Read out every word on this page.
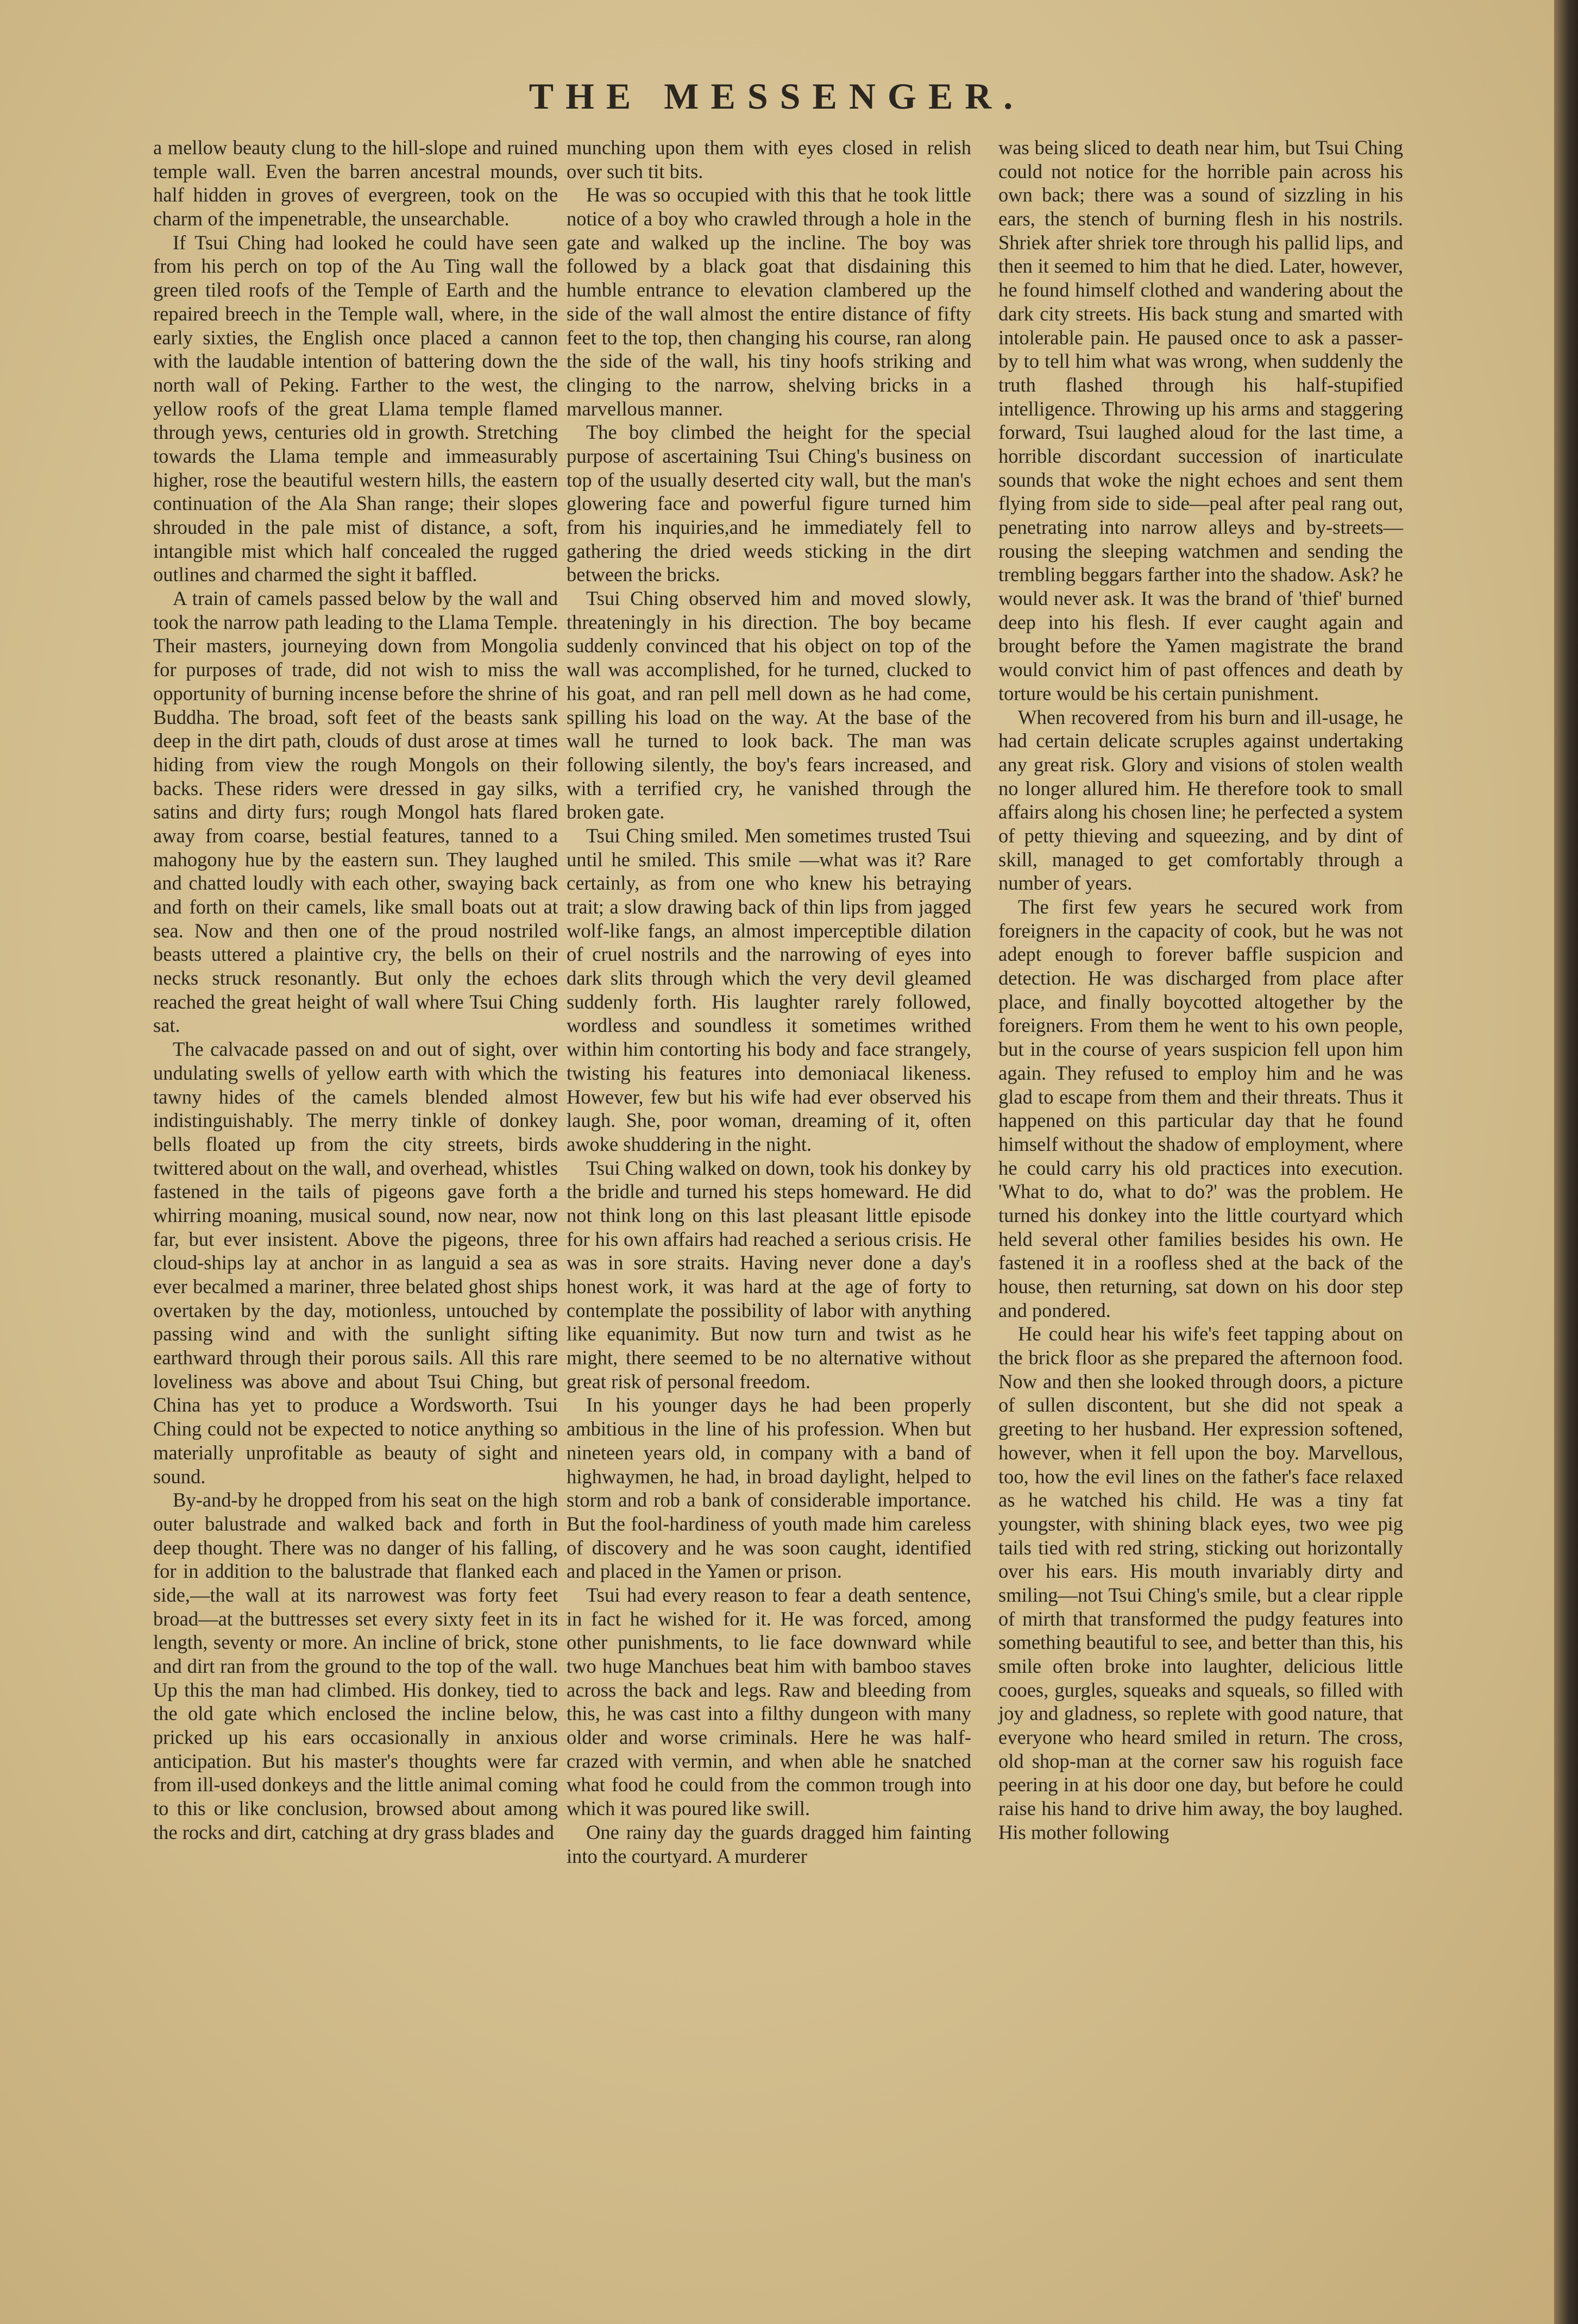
THE MESSENGER.

a mellow beauty clung to the hill-slope and ruined temple wall. Even the barren ancestral mounds, half hidden in groves of evergreen, took on the charm of the impenetrable, the unsearchable.

If Tsui Ching had looked he could have seen from his perch on top of the Au Ting wall the green tiled roofs of the Temple of Earth and the repaired breech in the Temple wall, where, in the early sixties, the English once placed a cannon with the laudable intention of battering down the north wall of Peking. Farther to the west, the yellow roofs of the great Llama temple flamed through yews, centuries old in growth. Stretching towards the Llama temple and immeasurably higher, rose the beautiful western hills, the eastern continuation of the Ala Shan range; their slopes shrouded in the pale mist of distance, a soft, intangible mist which half concealed the rugged outlines and charmed the sight it baffled.

A train of camels passed below by the wall and took the narrow path leading to the Llama Temple. Their masters, journeying down from Mongolia for purposes of trade, did not wish to miss the opportunity of burning incense before the shrine of Buddha. The broad, soft feet of the beasts sank deep in the dirt path, clouds of dust arose at times hiding from view the rough Mongols on their backs. These riders were dressed in gay silks, satins and dirty furs; rough Mongol hats flared away from coarse, bestial features, tanned to a mahogony hue by the eastern sun. They laughed and chatted loudly with each other, swaying back and forth on their camels, like small boats out at sea. Now and then one of the proud nostriled beasts uttered a plaintive cry, the bells on their necks struck resonantly. But only the echoes reached the great height of wall where Tsui Ching sat.

The calvacade passed on and out of sight, over undulating swells of yellow earth with which the tawny hides of the camels blended almost indistinguishably. The merry tinkle of donkey bells floated up from the city streets, birds twittered about on the wall, and overhead, whistles fastened in the tails of pigeons gave forth a whirring moaning, musical sound, now near, now far, but ever insistent. Above the pigeons, three cloud-ships lay at anchor in as languid a sea as ever becalmed a mariner, three belated ghost ships overtaken by the day, motionless, untouched by passing wind and with the sunlight sifting earthward through their porous sails. All this rare loveliness was above and about Tsui Ching, but China has yet to produce a Wordsworth. Tsui Ching could not be expected to notice anything so materially unprofitable as beauty of sight and sound.

By-and-by he dropped from his seat on the high outer balustrade and walked back and forth in deep thought. There was no danger of his falling, for in addition to the balustrade that flanked each side,—the wall at its narrowest was forty feet broad—at the buttresses set every sixty feet in its length, seventy or more. An incline of brick, stone and dirt ran from the ground to the top of the wall. Up this the man had climbed. His donkey, tied to the old gate which enclosed the incline below, pricked up his ears occasionally in anxious anticipation. But his master's thoughts were far from ill-used donkeys and the little animal coming to this or like conclusion, browsed about among the rocks and dirt, catching at dry grass blades and

munching upon them with eyes closed in relish over such tit bits.

He was so occupied with this that he took little notice of a boy who crawled through a hole in the gate and walked up the incline. The boy was followed by a black goat that disdaining this humble entrance to elevation clambered up the side of the wall almost the entire distance of fifty feet to the top, then changing his course, ran along the side of the wall, his tiny hoofs striking and clinging to the narrow, shelving bricks in a marvellous manner.

The boy climbed the height for the special purpose of ascertaining Tsui Ching's business on top of the usually deserted city wall, but the man's glowering face and powerful figure turned him from his inquiries,and he immediately fell to gathering the dried weeds sticking in the dirt between the bricks.

Tsui Ching observed him and moved slowly, threateningly in his direction. The boy became suddenly convinced that his object on top of the wall was accomplished, for he turned, clucked to his goat, and ran pell mell down as he had come, spilling his load on the way. At the base of the wall he turned to look back. The man was following silently, the boy's fears increased, and with a terrified cry, he vanished through the broken gate.

Tsui Ching smiled. Men sometimes trusted Tsui until he smiled. This smile —what was it? Rare certainly, as from one who knew his betraying trait; a slow drawing back of thin lips from jagged wolf-like fangs, an almost imperceptible dilation of cruel nostrils and the narrowing of eyes into dark slits through which the very devil gleamed suddenly forth. His laughter rarely followed, wordless and soundless it sometimes writhed within him contorting his body and face strangely, twisting his features into demoniacal likeness. However, few but his wife had ever observed his laugh. She, poor woman, dreaming of it, often awoke shuddering in the night.

Tsui Ching walked on down, took his donkey by the bridle and turned his steps homeward. He did not think long on this last pleasant little episode for his own affairs had reached a serious crisis. He was in sore straits. Having never done a day's honest work, it was hard at the age of forty to contemplate the possibility of labor with anything like equanimity. But now turn and twist as he might, there seemed to be no alternative without great risk of personal freedom.

In his younger days he had been properly ambitious in the line of his profession. When but nineteen years old, in company with a band of highwaymen, he had, in broad daylight, helped to storm and rob a bank of considerable importance. But the fool-hardiness of youth made him careless of discovery and he was soon caught, identified and placed in the Yamen or prison.

Tsui had every reason to fear a death sentence, in fact he wished for it. He was forced, among other punishments, to lie face downward while two huge Manchues beat him with bamboo staves across the back and legs. Raw and bleeding from this, he was cast into a filthy dungeon with many older and worse criminals. Here he was half-crazed with vermin, and when able he snatched what food he could from the common trough into which it was poured like swill.

One rainy day the guards dragged him fainting into the courtyard. A murderer

was being sliced to death near him, but Tsui Ching could not notice for the horrible pain across his own back; there was a sound of sizzling in his ears, the stench of burning flesh in his nostrils. Shriek after shriek tore through his pallid lips, and then it seemed to him that he died. Later, however, he found himself clothed and wandering about the dark city streets. His back stung and smarted with intolerable pain. He paused once to ask a passer-by to tell him what was wrong, when suddenly the truth flashed through his half-stupified intelligence. Throwing up his arms and staggering forward, Tsui laughed aloud for the last time, a horrible discordant succession of inarticulate sounds that woke the night echoes and sent them flying from side to side—peal after peal rang out, penetrating into narrow alleys and by-streets—rousing the sleeping watchmen and sending the trembling beggars farther into the shadow. Ask? he would never ask. It was the brand of 'thief' burned deep into his flesh. If ever caught again and brought before the Yamen magistrate the brand would convict him of past offences and death by torture would be his certain punishment.

When recovered from his burn and ill-usage, he had certain delicate scruples against undertaking any great risk. Glory and visions of stolen wealth no longer allured him. He therefore took to small affairs along his chosen line; he perfected a system of petty thieving and squeezing, and by dint of skill, managed to get comfortably through a number of years.

The first few years he secured work from foreigners in the capacity of cook, but he was not adept enough to forever baffle suspicion and detection. He was discharged from place after place, and finally boycotted altogether by the foreigners. From them he went to his own people, but in the course of years suspicion fell upon him again. They refused to employ him and he was glad to escape from them and their threats. Thus it happened on this particular day that he found himself without the shadow of employment, where he could carry his old practices into execution. 'What to do, what to do?' was the problem. He turned his donkey into the little courtyard which held several other families besides his own. He fastened it in a roofless shed at the back of the house, then returning, sat down on his door step and pondered.

He could hear his wife's feet tapping about on the brick floor as she prepared the afternoon food. Now and then she looked through doors, a picture of sullen discontent, but she did not speak a greeting to her husband. Her expression softened, however, when it fell upon the boy. Marvellous, too, how the evil lines on the father's face relaxed as he watched his child. He was a tiny fat youngster, with shining black eyes, two wee pig tails tied with red string, sticking out horizontally over his ears. His mouth invariably dirty and smiling—not Tsui Ching's smile, but a clear ripple of mirth that transformed the pudgy features into something beautiful to see, and better than this, his smile often broke into laughter, delicious little cooes, gurgles, squeaks and squeals, so filled with joy and gladness, so replete with good nature, that everyone who heard smiled in return. The cross, old shop-man at the corner saw his roguish face peering in at his door one day, but before he could raise his hand to drive him away, the boy laughed. His mother following
